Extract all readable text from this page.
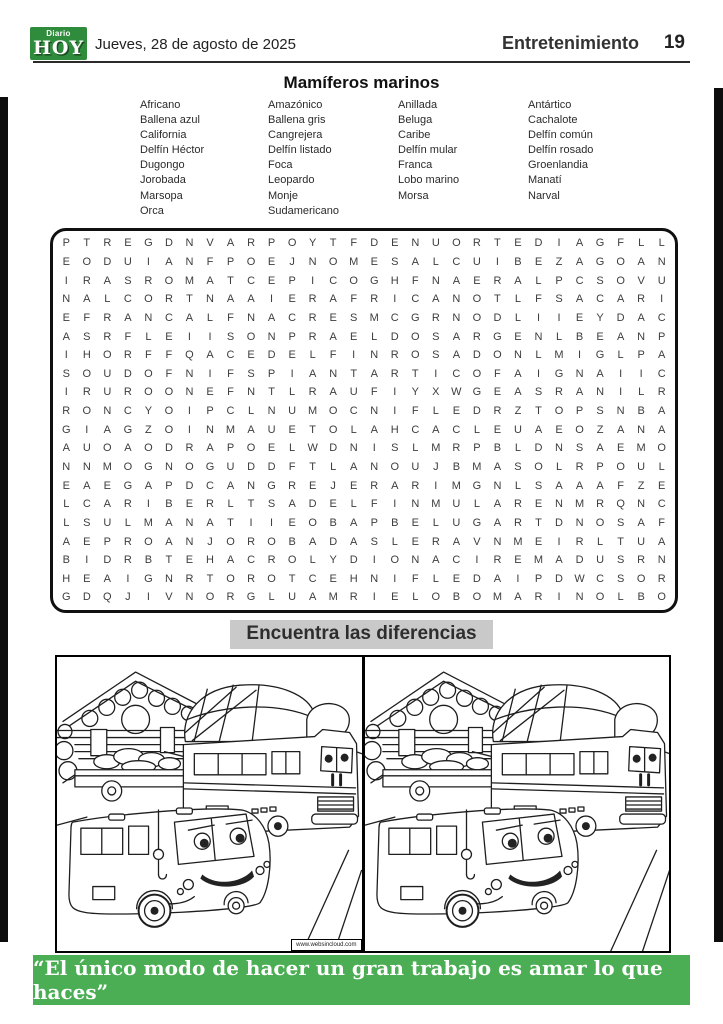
Diario
HOY Jueves, 28 de agosto de 2025	Entretenimiento 19
Mamíferos marinos
Africano
Ballena azul
California
Delfín Héctor
Dugongo
Jorobada
Marsopa
Orca
Amazónico
Ballena gris
Cangrejera
Delfín listado
Foca
Leopardo
Monje
Sudamericano
Anillada
Beluga
Caribe
Delfín mular
Franca
Lobo marino
Morsa
Antártico
Cachalote
Delfín común
Delfín rosado
Groenlandia
Manatí
Narval
P	T	R	E	G	D	N	V	A	R	P	O	Y	T	F	D	E	N	U	O	R	T	E	D	I	A	G	F	L	L
E	O	D	U	I	A	N	F	P	O	E	J	N	O	M	E	S	A	L	C	U	I	B	E	Z	A	G	O	A	N
I	R	A	S	R	O	M	A	T	C	E	P	I	C	O	G	H	F	N	A	E	R	A	L	P	C	S	O	V	U
N	A	L	C	O	R	T	N	A	A	I	E	R	A	F	R	I	C	A	N	O	T	L	F	S	A	C	A	R	I
E	F	R	A	N	C	A	L	F	N	A	C	R	E	S	M	C	G	R	N	O	D	L	I	I	E	Y	D	A	C
A	S	R	F	L	E	I	I	S	O	N	P	R	A	E	L	D	O	S	A	R	G	E	N	L	B	E	A	N	P
I	H	O	R	F	F	Q	A	C	E	D	E	L	F	I	N	R	O	S	A	D	O	N	L	M	I	G	L	P	A
S	O	U	D	O	F	N	I	F	S	P	I	A	N	T	A	R	T	I	C	O	F	A	I	G	N	A	I	I	C
I	R	U	R	O	O	N	E	F	N	T	L	R	A	U	F	I	Y	X	W	G	E	A	S	R	A	N	I	L	R
R	O	N	C	Y	O	I	P	C	L	N	U	M	O	C	N	I	F	L	E	D	R	Z	T	O	P	S	N	B	A
G	I	A	G	Z	O	I	N	M	A	U	E	T	O	L	A	H	C	A	C	L	E	U	A	E	O	Z	A	N	A
A	U	O	A	O	D	R	A	P	O	E	L	W	D	N	I	S	L	M	R	P	B	L	D	N	S	A	E	M	O
N	N	M	O	G	N	O	G	U	D	D	F	T	L	A	N	O	U	J	B	M	A	S	O	L	R	P	O	U	L
E	A	E	G	A	P	D	C	A	N	G	R	E	J	E	R	A	R	I	M	G	N	L	S	A	A	A	F	Z	E
L	C	A	R	I	B	E	R	L	T	S	A	D	E	L	F	I	N	M	U	L	A	R	E	N	M	R	Q	N	C
L	S	U	L	M	A	N	A	T	I	I	E	O	B	A	P	B	E	L	U	G	A	R	T	D	N	O	S	A	F
A	E	P	R	O	A	N	J	O	R	O	B	A	D	A	S	L	E	R	A	V	N	M	E	I	R	L	T	U	A
B	I	D	R	B	T	E	H	A	C	R	O	L	Y	D	I	O	N	A	C	I	R	E	M	A	D	U	S	R	N
H	E	A	I	G	N	R	T	O	R	O	T	C	E	H	N	I	F	L	E	D	A	I	P	D	W	C	S	O	R
G	D	Q	J	I	V	N	O	R	G	L	U	A	M	R	I	E	L	O	B	O	M	A	R	I	N	O	L	B	O
Encuentra las diferencias
www.websincloud.com
“El único modo de hacer un gran trabajo es amar lo que haces”
